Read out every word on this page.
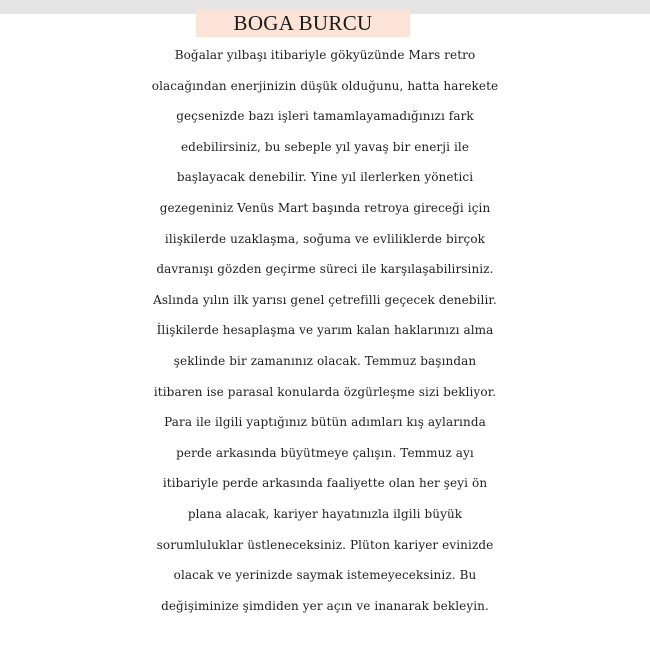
BOGA BURCU
Boğalar yılbaşı itibariyle gökyüzünde Mars retro
olacağından enerjinizin düşük olduğunu, hatta harekete
geçsenizde bazı işleri tamamlayamadığınızı fark
edebilirsiniz, bu sebeple yıl yavaş bir enerji ile
başlayacak denebilir. Yine yıl ilerlerken yönetici
gezegeniniz Venüs Mart başında retroya gireceği için
ilişkilerde uzaklaşma, soğuma ve evliliklerde birçok
davranışı gözden geçirme süreci ile karşılaşabilirsiniz.
Aslında yılın ilk yarısı genel çetrefilli geçecek denebilir.
İlişkilerde hesaplaşma ve yarım kalan haklarınızı alma
şeklinde bir zamanınız olacak. Temmuz başından
itibaren ise parasal konularda özgürleşme sizi bekliyor.
Para ile ilgili yaptığınız bütün adımları kış aylarında
perde arkasında büyütmeye çalışın. Temmuz ayı
itibariyle perde arkasında faaliyette olan her şeyi ön
plana alacak, kariyer hayatınızla ilgili büyük
sorumluluklar üstleneceksiniz. Plüton kariyer evinizde
olacak ve yerinizde saymak istemeyeceksiniz. Bu
değişiminize şimdiden yer açın ve inanarak bekleyin.
